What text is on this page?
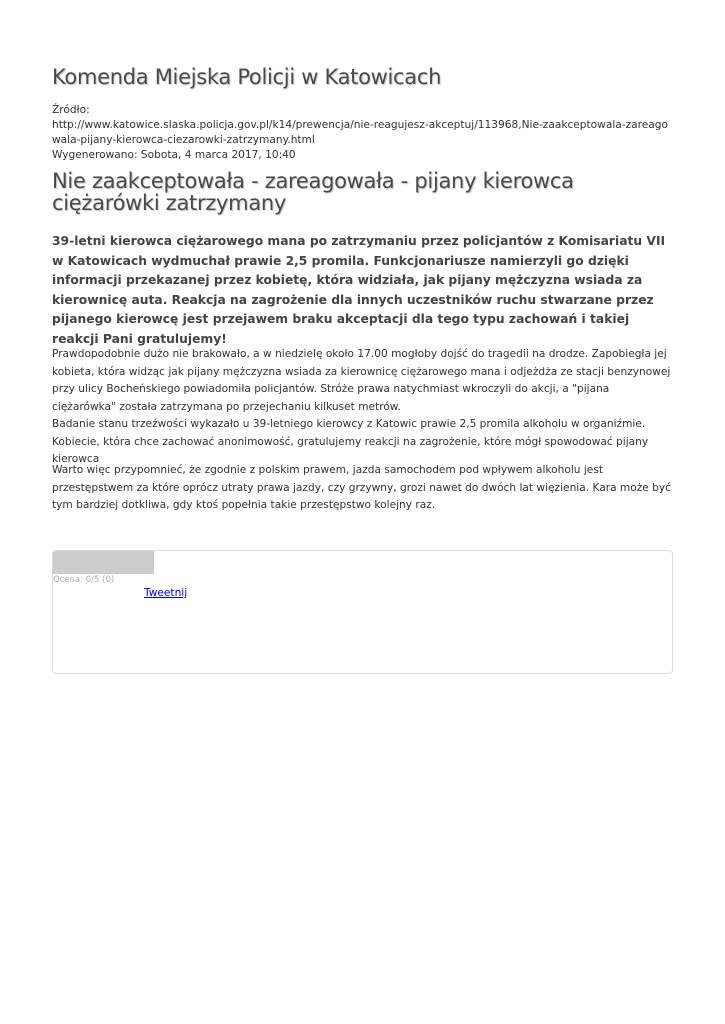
Komenda Miejska Policji w Katowicach
Źródło:
http://www.katowice.slaska.policja.gov.pl/k14/prewencja/nie-reagujesz-akceptuj/113968,Nie-zaakceptowala-zareagowala-pijany-kierowca-ciezarowki-zatrzymany.html
Wygenerowano: Sobota, 4 marca 2017, 10:40
Nie zaakceptowała - zareagowała - pijany kierowca ciężarówki zatrzymany

39-letni kierowca ciężarowego mana po zatrzymaniu przez policjantów z Komisariatu VII w Katowicach wydmuchał prawie 2,5 promila. Funkcjonariusze namierzyli go dzięki informacji przekazanej przez kobietę, która widziała, jak pijany mężczyzna wsiada za kierownicę auta. Reakcja na zagrożenie dla innych uczestników ruchu stwarzane przez pijanego kierowcę jest przejawem braku akceptacji dla tego typu zachowań i takiej reakcji Pani gratulujemy!

Prawdopodobnie dużo nie brakowało, a w niedzielę około 17.00 mogłoby dojść do tragedii na drodze. Zapobiegła jej kobieta, która widząc jak pijany mężczyzna wsiada za kierownicę ciężarowego mana i odjeżdża ze stacji benzynowej przy ulicy Bocheńskiego powiadomiła policjantów. Stróże prawa natychmiast wkroczyli do akcji, a "pijana ciężarówka" została zatrzymana po przejechaniu kilkuset metrów.
Badanie stanu trzeźwości wykazało u 39-letniego kierowcy z Katowic prawie 2,5 promila alkoholu w organiźmie. Kobiecie, która chce zachować anonimowość, gratulujemy reakcji na zagrożenie, które mógł spowodować pijany kierowca

Warto więc przypomnieć, że zgodnie z polskim prawem, jazda samochodem pod wpływem alkoholu jest przestępstwem za które oprócz utraty prawa jazdy, czy grzywny, grozi nawet do dwóch lat więzienia. Kara może być tym bardziej dotkliwa, gdy ktoś popełnia takie przestępstwo kolejny raz.

Ocena: 0/5 (0)
Tweetnij
